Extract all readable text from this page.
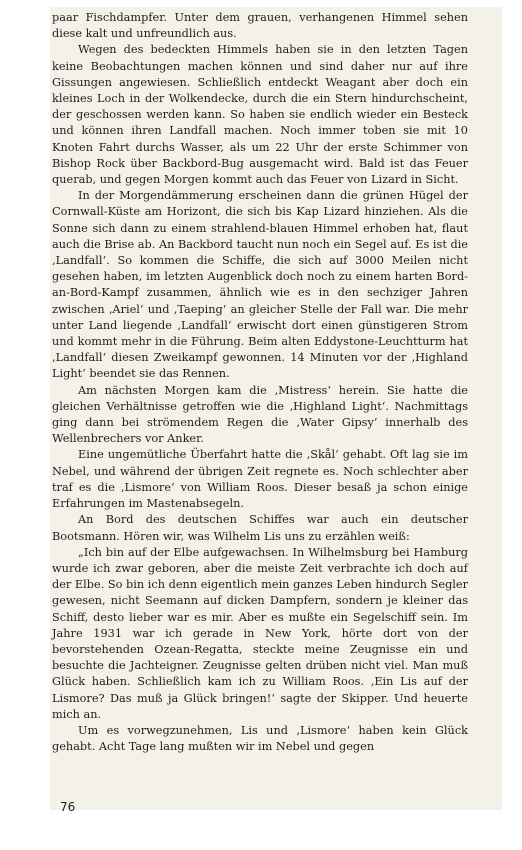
paar Fischdampfer. Unter dem grauen, verhangenen Himmel sehen diese kalt und unfreundlich aus.

Wegen des bedeckten Himmels haben sie in den letzten Tagen keine Beobachtungen machen können und sind daher nur auf ihre Gissungen angewiesen. Schließlich entdeckt Weagant aber doch ein kleines Loch in der Wolkendecke, durch die ein Stern hindurchscheint, der geschossen werden kann. So haben sie endlich wieder ein Besteck und können ihren Landfall machen. Noch immer toben sie mit 10 Knoten Fahrt durchs Wasser, als um 22 Uhr der erste Schimmer von Bishop Rock über Backbord-Bug ausgemacht wird. Bald ist das Feuer querab, und gegen Morgen kommt auch das Feuer von Lizard in Sicht.

In der Morgendämmerung erscheinen dann die grünen Hügel der Cornwall-Küste am Horizont, die sich bis Kap Lizard hinziehen. Als die Sonne sich dann zu einem strahlend-blauen Himmel erhoben hat, flaut auch die Brise ab. An Backbord taucht nun noch ein Segel auf. Es ist die ‚Landfall‘. So kommen die Schiffe, die sich auf 3000 Meilen nicht gesehen haben, im letzten Augenblick doch noch zu einem harten Bord-an-Bord-Kampf zusammen, ähnlich wie es in den sechziger Jahren zwischen ‚Ariel‘ und ‚Taeping‘ an gleicher Stelle der Fall war. Die mehr unter Land liegende ‚Landfall‘ erwischt dort einen günstigeren Strom und kommt mehr in die Führung. Beim alten Eddystone-Leuchtturm hat ‚Landfall‘ diesen Zweikampf gewonnen. 14 Minuten vor der ‚Highland Light‘ beendet sie das Rennen.

Am nächsten Morgen kam die ‚Mistress‘ herein. Sie hatte die gleichen Verhältnisse getroffen wie die ‚Highland Light‘. Nachmittags ging dann bei strömendem Regen die ‚Water Gipsy‘ innerhalb des Wellenbrechers vor Anker.

Eine ungemütliche Überfahrt hatte die ‚Skål‘ gehabt. Oft lag sie im Nebel, und während der übrigen Zeit regnete es. Noch schlechter aber traf es die ‚Lismore‘ von William Roos. Dieser besaß ja schon einige Erfahrungen im Mastenabsegeln.

An Bord des deutschen Schiffes war auch ein deutscher Bootsmann. Hören wir, was Wilhelm Lis uns zu erzählen weiß:

„Ich bin auf der Elbe aufgewachsen. In Wilhelmsburg bei Hamburg wurde ich zwar geboren, aber die meiste Zeit verbrachte ich doch auf der Elbe. So bin ich denn eigentlich mein ganzes Leben hindurch Segler gewesen, nicht Seemann auf dicken Dampfern, sondern je kleiner das Schiff, desto lieber war es mir. Aber es mußte ein Segelschiff sein. Im Jahre 1931 war ich gerade in New York, hörte dort von der bevorstehenden Ozean-Regatta, steckte meine Zeugnisse ein und besuchte die Jachteigner. Zeugnisse gelten drüben nicht viel. Man muß Glück haben. Schließlich kam ich zu William Roos. ‚Ein Lis auf der Lismore? Das muß ja Glück bringen!‘ sagte der Skipper. Und heuerte mich an.

Um es vorwegzunehmen, Lis und ‚Lismore‘ haben kein Glück gehabt. Acht Tage lang mußten wir im Nebel und gegen

76
